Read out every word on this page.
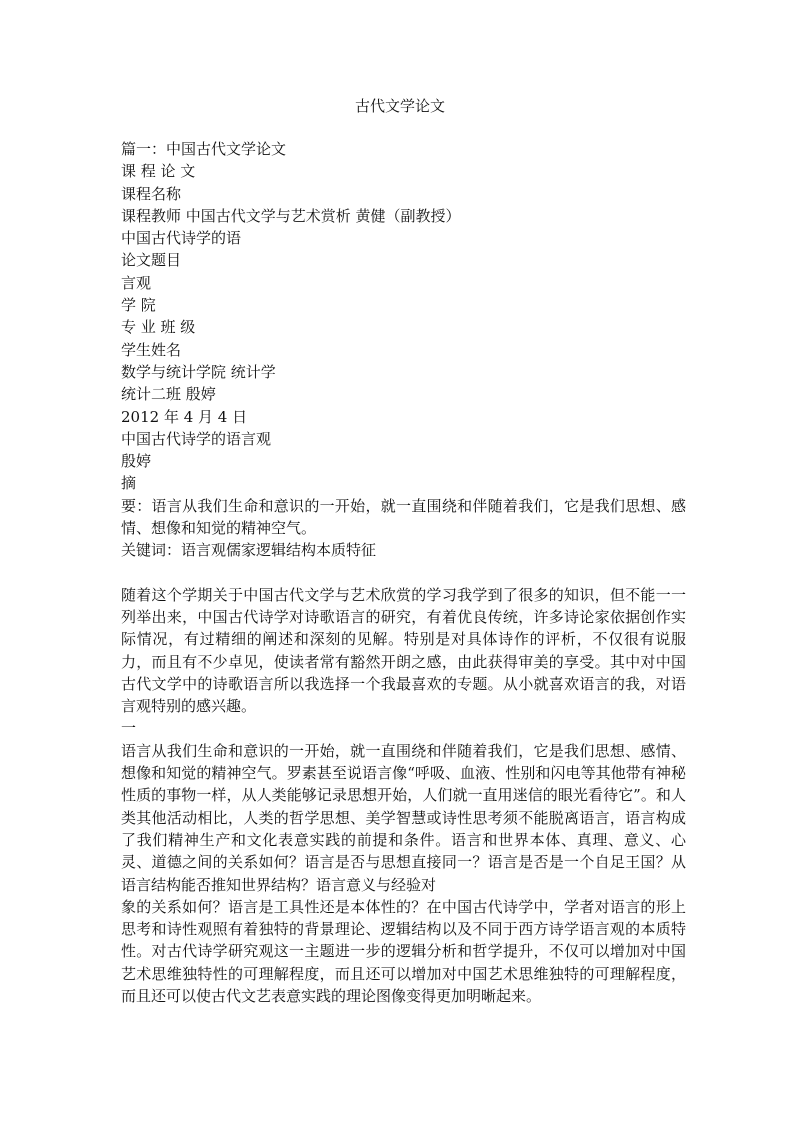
古代文学论文
篇一：中国古代文学论文
课 程 论 文
课程名称
课程教师 中国古代文学与艺术赏析 黄健（副教授）
中国古代诗学的语
论文题目
言观
学 院
专 业 班 级
学生姓名
数学与统计学院 统计学
统计二班 殷婷
2012 年 4 月 4 日
中国古代诗学的语言观
殷婷
摘
要：语言从我们生命和意识的一开始，就一直围绕和伴随着我们，它是我们思想、感情、想像和知觉的精神空气。
关键词：语言观儒家逻辑结构本质特征
随着这个学期关于中国古代文学与艺术欣赏的学习我学到了很多的知识，但不能一一列举出来，中国古代诗学对诗歌语言的研究，有着优良传统，许多诗论家依据创作实际情况，有过精细的阐述和深刻的见解。特别是对具体诗作的评析，不仅很有说服力，而且有不少卓见，使读者常有豁然开朗之感，由此获得审美的享受。其中对中国古代文学中的诗歌语言所以我选择一个我最喜欢的专题。从小就喜欢语言的我，对语言观特别的感兴趣。
一
语言从我们生命和意识的一开始，就一直围绕和伴随着我们，它是我们思想、感情、想像和知觉的精神空气。罗素甚至说语言像“呼吸、血液、性别和闪电等其他带有神秘性质的事物一样，从人类能够记录思想开始，人们就一直用迷信的眼光看待它”。和人类其他活动相比，人类的哲学思想、美学智慧或诗性思考须不能脱离语言，语言构成了我们精神生产和文化表意实践的前提和条件。语言和世界本体、真理、意义、心灵、道德之间的关系如何？语言是否与思想直接同一？语言是否是一个自足王国？从语言结构能否推知世界结构？语言意义与经验对
象的关系如何？语言是工具性还是本体性的？在中国古代诗学中，学者对语言的形上思考和诗性观照有着独特的背景理论、逻辑结构以及不同于西方诗学语言观的本质特性。对古代诗学研究观这一主题进一步的逻辑分析和哲学提升，不仅可以增加对中国艺术思维独特性的可理解程度，而且还可以增加对中国艺术思维独特的可理解程度，而且还可以使古代文艺表意实践的理论图像变得更加明晰起来。
